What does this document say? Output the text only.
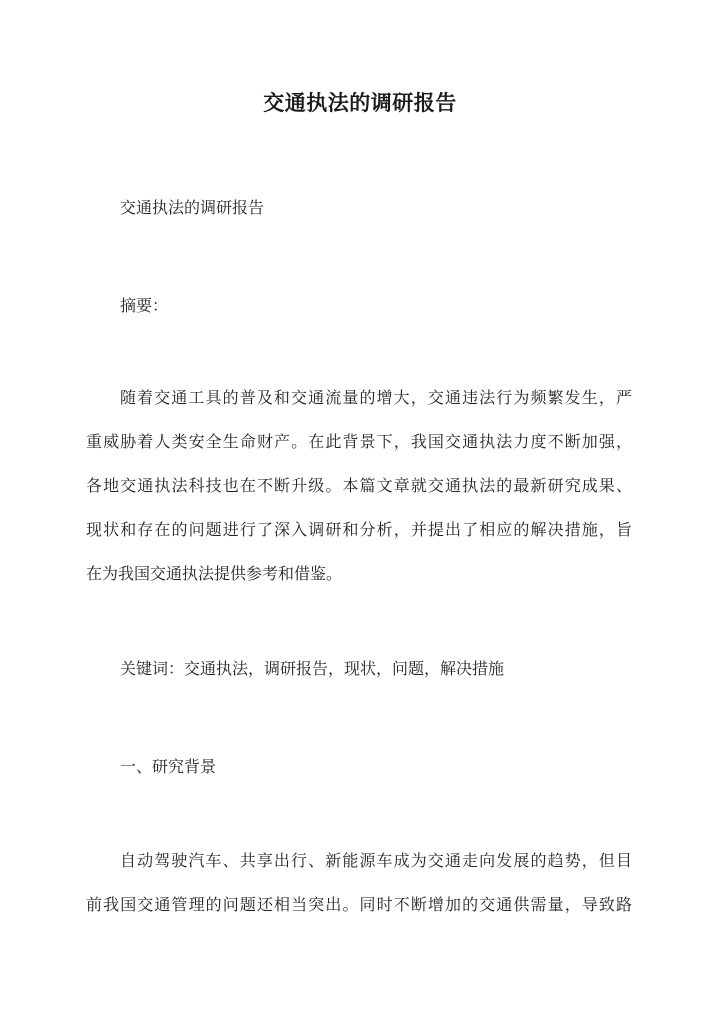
交通执法的调研报告
交通执法的调研报告
摘要：
随着交通工具的普及和交通流量的增大，交通违法行为频繁发生，严
重威胁着人类安全生命财产。在此背景下，我国交通执法力度不断加强，
各地交通执法科技也在不断升级。本篇文章就交通执法的最新研究成果、
现状和存在的问题进行了深入调研和分析，并提出了相应的解决措施，旨
在为我国交通执法提供参考和借鉴。
关键词：交通执法，调研报告，现状，问题，解决措施
一、研究背景
自动驾驶汽车、共享出行、新能源车成为交通走向发展的趋势，但目
前我国交通管理的问题还相当突出。同时不断增加的交通供需量，导致路
